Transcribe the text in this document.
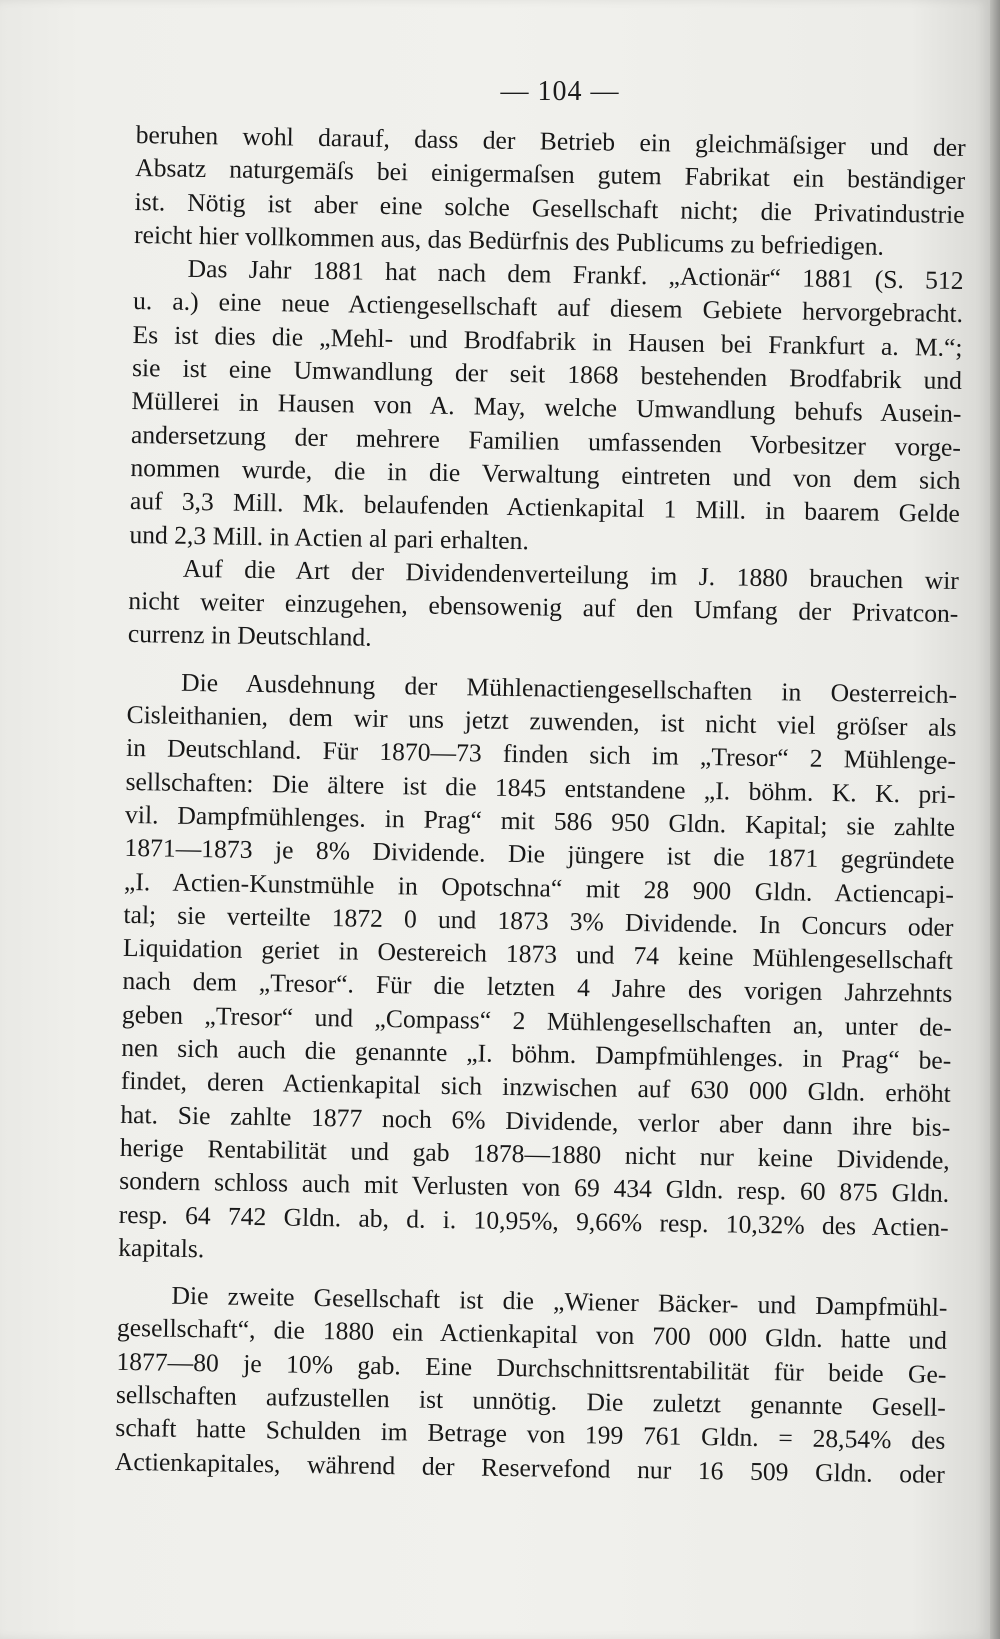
— 104 —
beruhen wohl darauf, dass der Betrieb ein gleichmäſsiger und der
Absatz naturgemäſs bei einigermaſsen gutem Fabrikat ein beständiger
ist. Nötig ist aber eine solche Gesellschaft nicht; die Privatindustrie
reicht hier vollkommen aus, das Bedürfnis des Publicums zu befriedigen.
Das Jahr 1881 hat nach dem Frankf. „Actionär“ 1881 (S. 512
u. a.) eine neue Actiengesellschaft auf diesem Gebiete hervorgebracht.
Es ist dies die „Mehl- und Brodfabrik in Hausen bei Frankfurt a. M.“;
sie ist eine Umwandlung der seit 1868 bestehenden Brodfabrik und
Müllerei in Hausen von A. May, welche Umwandlung behufs Ausein-
andersetzung der mehrere Familien umfassenden Vorbesitzer vorge-
nommen wurde, die in die Verwaltung eintreten und von dem sich
auf 3,3 Mill. Mk. belaufenden Actienkapital 1 Mill. in baarem Gelde
und 2,3 Mill. in Actien al pari erhalten.
Auf die Art der Dividendenverteilung im J. 1880 brauchen wir
nicht weiter einzugehen, ebensowenig auf den Umfang der Privatcon-
currenz in Deutschland.
Die Ausdehnung der Mühlenactiengesellschaften in Oesterreich-
Cisleithanien, dem wir uns jetzt zuwenden, ist nicht viel gröſser als
in Deutschland. Für 1870—73 finden sich im „Tresor“ 2 Mühlenge-
sellschaften: Die ältere ist die 1845 entstandene „I. böhm. K. K. pri-
vil. Dampfmühlenges. in Prag“ mit 586 950 Gldn. Kapital; sie zahlte
1871—1873 je 8% Dividende. Die jüngere ist die 1871 gegründete
„I. Actien-Kunstmühle in Opotschna“ mit 28 900 Gldn. Actiencapi-
tal; sie verteilte 1872 0 und 1873 3% Dividende. In Concurs oder
Liquidation geriet in Oestereich 1873 und 74 keine Mühlengesellschaft
nach dem „Tresor“. Für die letzten 4 Jahre des vorigen Jahrzehnts
geben „Tresor“ und „Compass“ 2 Mühlengesellschaften an, unter de-
nen sich auch die genannte „I. böhm. Dampfmühlenges. in Prag“ be-
findet, deren Actienkapital sich inzwischen auf 630 000 Gldn. erhöht
hat. Sie zahlte 1877 noch 6% Dividende, verlor aber dann ihre bis-
herige Rentabilität und gab 1878—1880 nicht nur keine Dividende,
sondern schloss auch mit Verlusten von 69 434 Gldn. resp. 60 875 Gldn.
resp. 64 742 Gldn. ab, d. i. 10,95%, 9,66% resp. 10,32% des Actien-
kapitals.
Die zweite Gesellschaft ist die „Wiener Bäcker- und Dampfmühl-
gesellschaft“, die 1880 ein Actienkapital von 700 000 Gldn. hatte und
1877—80 je 10% gab. Eine Durchschnittsrentabilität für beide Ge-
sellschaften aufzustellen ist unnötig. Die zuletzt genannte Gesell-
schaft hatte Schulden im Betrage von 199 761 Gldn. = 28,54% des
Actienkapitales, während der Reservefond nur 16 509 Gldn. oder
